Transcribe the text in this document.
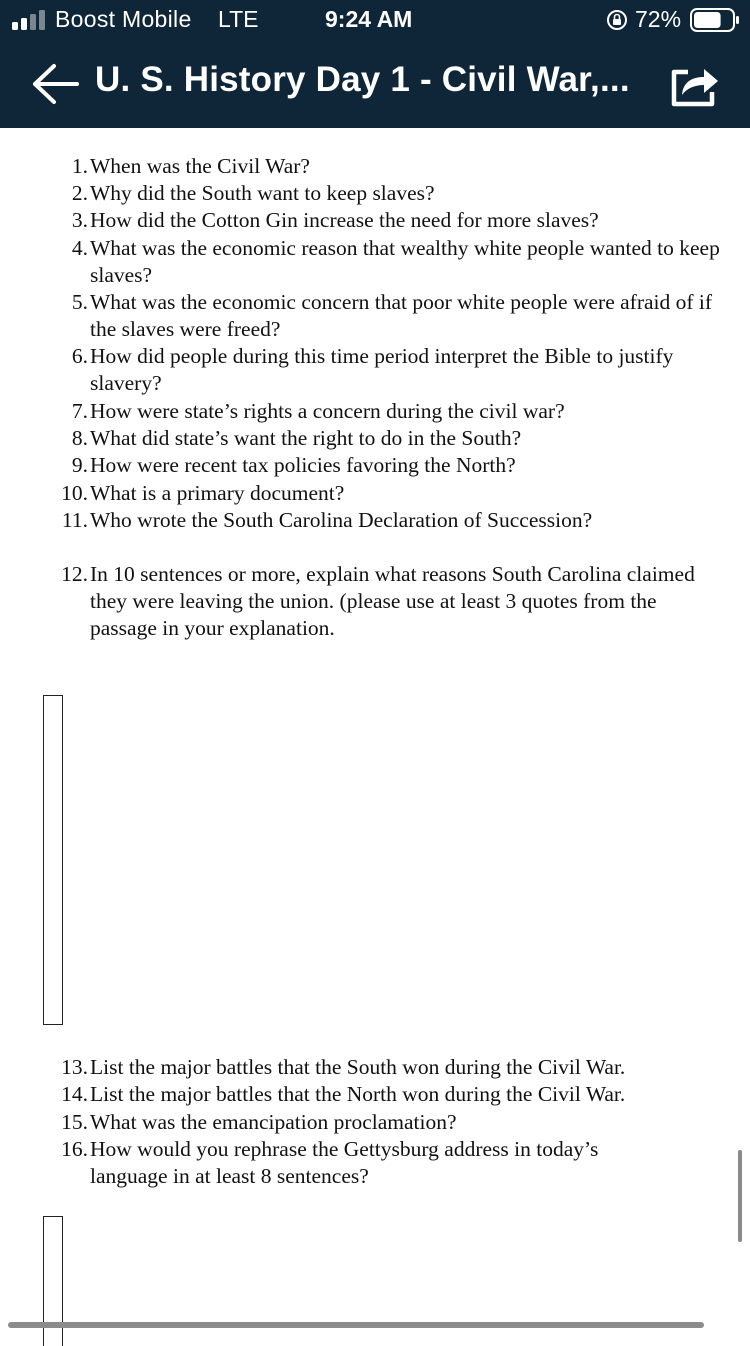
Boost Mobile LTE	9:24 AM	72%
U. S. History Day 1 - Civil War,...
1. When was the Civil War?
2. Why did the South want to keep slaves?
3. How did the Cotton Gin increase the need for more slaves?
4. What was the economic reason that wealthy white people wanted to keep slaves?
5. What was the economic concern that poor white people were afraid of if the slaves were freed?
6. How did people during this time period interpret the Bible to justify slavery?
7. How were state’s rights a concern during the civil war?
8. What did state’s want the right to do in the South?
9. How were recent tax policies favoring the North?
10. What is a primary document?
11. Who wrote the South Carolina Declaration of Succession?
12. In 10 sentences or more, explain what reasons South Carolina claimed they were leaving the union. (please use at least 3 quotes from the passage in your explanation.
13. List the major battles that the South won during the Civil War.
14. List the major battles that the North won during the Civil War.
15. What was the emancipation proclamation?
16. How would you rephrase the Gettysburg address in today’s language in at least 8 sentences?
